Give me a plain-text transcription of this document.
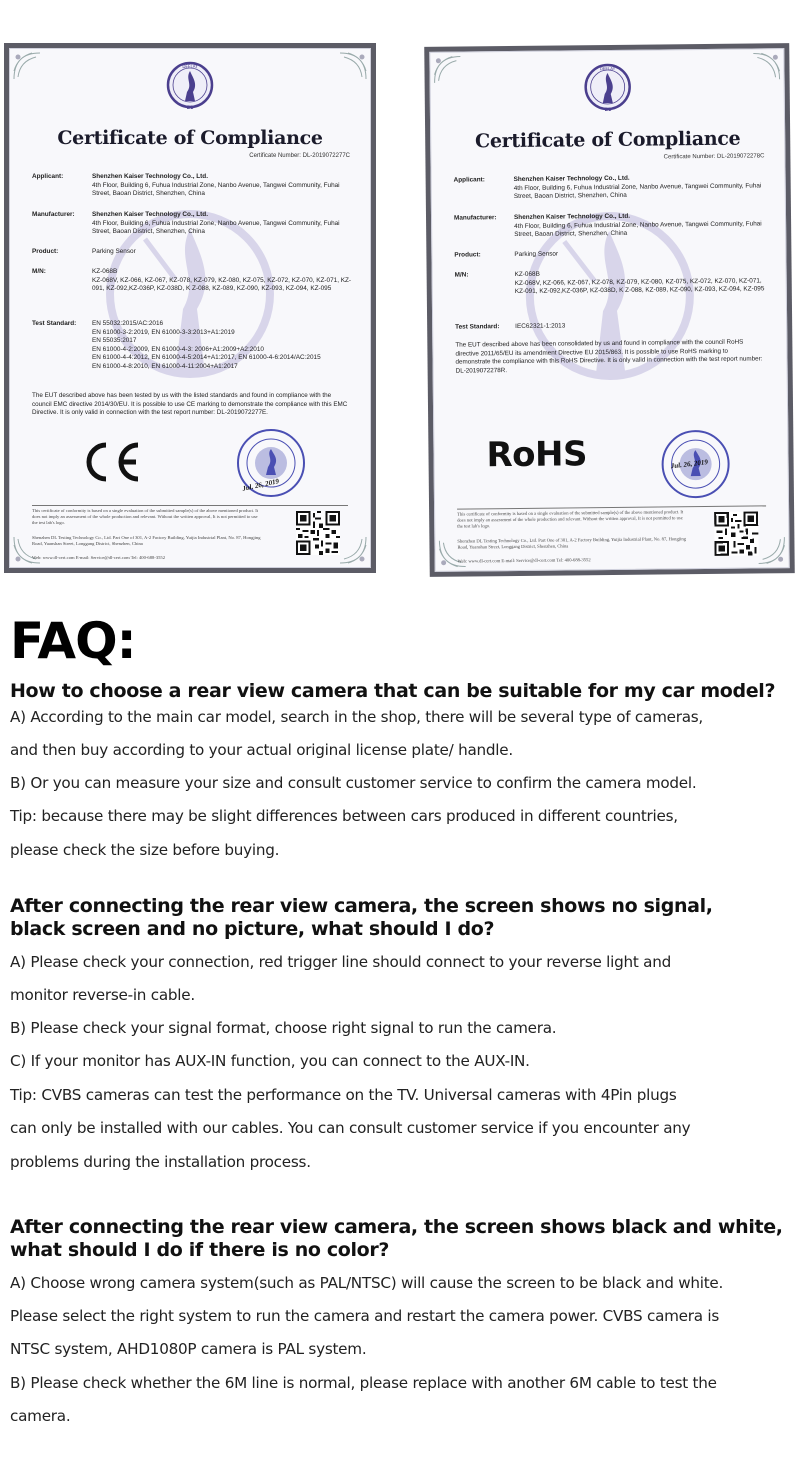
DEELAY
DL
Certificate of Compliance
Certificate Number: DL-2019072277C
Applicant:	Shenzhen Kaiser Technology Co., Ltd.
4th Floor, Building 6, Fuhua Industrial Zone, Nanbo Avenue, Tangwei Community, Fuhai Street, Baoan District, Shenzhen, China
Manufacturer:	Shenzhen Kaiser Technology Co., Ltd.
4th Floor, Building 6, Fuhua Industrial Zone, Nanbo Avenue, Tangwei Community, Fuhai Street, Baoan District, Shenzhen, China
Product:	Parking Sensor
M/N:	KZ-068B
KZ-068V, KZ-066, KZ-067, KZ-078, KZ-079, KZ-080, KZ-075, KZ-072, KZ-070, KZ-071, KZ-091, KZ-092,KZ-036P, KZ-038D, K Z-088, KZ-089, KZ-090, KZ-093, KZ-094, KZ-095
Test Standard:	EN 55032:2015/AC:2016
EN 61000-3-2:2019, EN 61000-3-3:2013+A1:2019
EN 55035:2017
EN 61000-4-2:2009, EN 61000-4-3: 2006+A1:2009+A2:2010
EN 61000-4-4:2012, EN 61000-4-5:2014+A1:2017, EN 61000-4-6:2014/AC:2015
EN 61000-4-8:2010, EN 61000-4-11:2004+A1:2017
The EUT described above has been tested by us with the listed standards and found in compliance with the council EMC directive 2014/30/EU. It is possible to use CE marking to demonstrate the compliance with this EMC Directive. It is only valid in connection with the test report number: DL-2019072277E.
Jul. 26, 2019
This certificate of conformity is based on a single evaluation of the submitted sample(s) of the above mentioned product. It does not imply an assessment of the whole production and relevant. Without the written approval, It is not permitted to use the test lab's logo.
Shenzhen DL Testing Technology Co., Ltd. Part One of 301, A-2 Factory Building, Yuijia Industrial Plant, No. 87, Hongjing Road, Yuanshan Street, Longgang District, Shenzhen, China
Web: www.dl-cert.com E-mail: Service@dl-cert.com Tel: 400-688-3552
DEELAY
DL
Certificate of Compliance
Certificate Number: DL-2019072278C
Applicant:	Shenzhen Kaiser Technology Co., Ltd.
4th Floor, Building 6, Fuhua Industrial Zone, Nanbo Avenue, Tangwei Community, Fuhai Street, Baoan District, Shenzhen, China
Manufacturer:	Shenzhen Kaiser Technology Co., Ltd.
4th Floor, Building 6, Fuhua Industrial Zone, Nanbo Avenue, Tangwei Community, Fuhai Street, Baoan District, Shenzhen, China
Product:	Parking Sensor
M/N:	KZ-068B
KZ-068V, KZ-066, KZ-067, KZ-078, KZ-079, KZ-080, KZ-075, KZ-072, KZ-070, KZ-071, KZ-091, KZ-092,KZ-036P, KZ-038D, K Z-088, KZ-089, KZ-090, KZ-093, KZ-094, KZ-095
Test Standard:	IEC62321-1:2013
The EUT described above has been consolidated by us and found in compliance with the council RoHS directive 2011/65/EU its amendment Directive EU 2015/863. It is possible to use RoHS marking to demonstrate the compliance with this RoHS Directive. It is only valid in connection with the test report number: DL-2019072278R.
RoHS	Jul. 26, 2019
This certificate of conformity is based on a single evaluation of the submitted sample(s) of the above mentioned product. It does not imply an assessment of the whole production and relevant. Without the written approval, It is not permitted to use the test lab's logo.
Shenzhen DL Testing Technology Co., Ltd. Part One of 301, A-2 Factory Building, Yuijia Industrial Plant, No. 87, Hongjing Road, Yuanshan Street, Longgang District, Shenzhen, China
Web: www.dl-cert.com E-mail: Service@dl-cert.com Tel: 400-688-3552
FAQ:
How to choose a rear view camera that can be suitable for my car model?
A) According to the main car model, search in the shop, there will be several type of cameras,
and then buy according to your actual original license plate/ handle.
B) Or you can measure your size and consult customer service to confirm the camera model.
Tip: because there may be slight differences between cars produced in different countries,
please check the size before buying.
After connecting the rear view camera, the screen shows no signal,
black screen and no picture, what should I do?
A) Please check your connection, red trigger line should connect to your reverse light and
monitor reverse-in cable.
B) Please check your signal format, choose right signal to run the camera.
C) If your monitor has AUX-IN function, you can connect to the AUX-IN.
Tip: CVBS cameras can test the performance on the TV. Universal cameras with 4Pin plugs
can only be installed with our cables. You can consult customer service if you encounter any
problems during the installation process.
After connecting the rear view camera, the screen shows black and white,
what should I do if there is no color?
A) Choose wrong camera system(such as PAL/NTSC) will cause the screen to be black and white.
Please select the right system to run the camera and restart the camera power. CVBS camera is
NTSC system, AHD1080P camera is PAL system.
B) Please check whether the 6M line is normal, please replace with another 6M cable to test the
camera.
